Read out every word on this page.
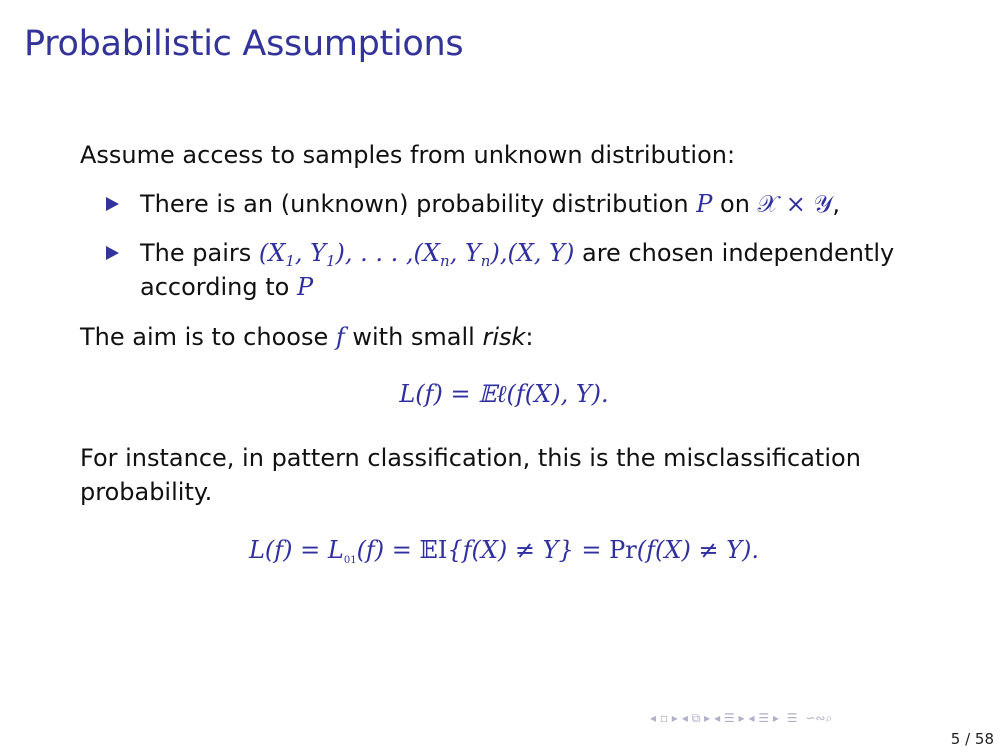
Probabilistic Assumptions
Assume access to samples from unknown distribution:
There is an (unknown) probability distribution P on 𝒳 × 𝒴,
The pairs ($X_1$, $Y_1$), . . . $,(X_n$, $Y_n),(X$, Y) are chosen independently
according to P
The aim is to choose f with small risk:
L(f) = 𝔼ℓ(f(X), Y).
For instance, in pattern classification, this is the misclassification
probability.
$L(f) = L_{01}(f)$ = 𝔼I{f(X) ≠ Y} = Pr(f(X) ≠ Y).
◂ ▫ ▸ ◂ ⧉ ▸ ◂ ☰ ▸ ◂ ☰ ▸ ☰ ∽∾⌕
5 / 58
